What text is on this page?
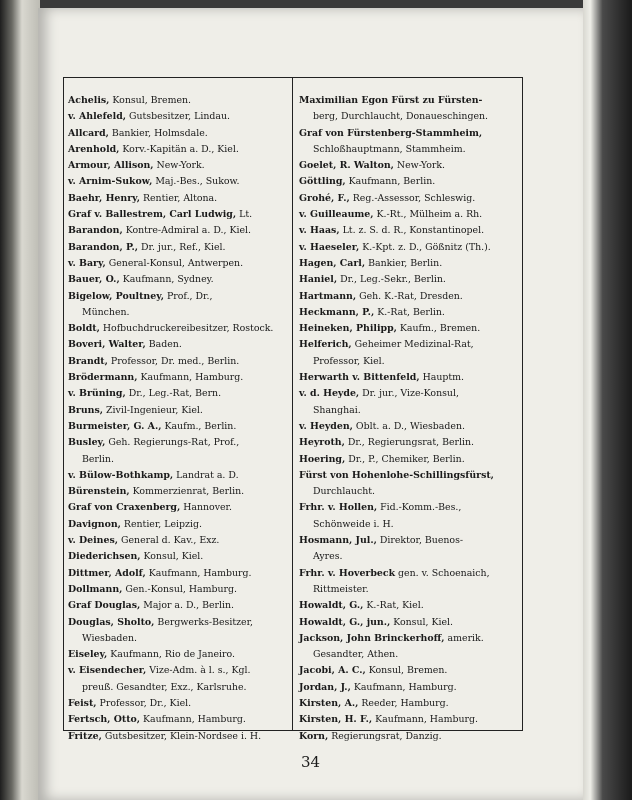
Achelis, Konsul, Bremen.
v. Ahlefeld, Gutsbesitzer, Lindau.
Allcard, Bankier, Holmsdale.
Arenhold, Korv.-Kapitän a. D., Kiel.
Armour, Allison, New-York.
v. Arnim-Sukow, Maj.-Bes., Sukow.
Baehr, Henry, Rentier, Altona.
Graf v. Ballestrem, Carl Ludwig, Lt.
Barandon, Kontre-Admiral a. D., Kiel.
Barandon, P., Dr. jur., Ref., Kiel.
v. Bary, General-Konsul, Antwerpen.
Bauer, O., Kaufmann, Sydney.
Bigelow, Poultney, Prof., Dr.,
München.
Boldt, Hofbuchdruckereibesitzer, Rostock.
Boveri, Walter, Baden.
Brandt, Professor, Dr. med., Berlin.
Brödermann, Kaufmann, Hamburg.
v. Brüning, Dr., Leg.-Rat, Bern.
Bruns, Zivil-Ingenieur, Kiel.
Burmeister, G. A., Kaufm., Berlin.
Busley, Geh. Regierungs-Rat, Prof.,
Berlin.
v. Bülow-Bothkamp, Landrat a. D.
Bürenstein, Kommerzienrat, Berlin.
Graf von Craxenberg, Hannover.
Davignon, Rentier, Leipzig.
v. Deines, General d. Kav., Exz.
Diederichsen, Konsul, Kiel.
Dittmer, Adolf, Kaufmann, Hamburg.
Dollmann, Gen.-Konsul, Hamburg.
Graf Douglas, Major a. D., Berlin.
Douglas, Sholto, Bergwerks-Besitzer,
Wiesbaden.
Eiseley, Kaufmann, Rio de Janeiro.
v. Eisendecher, Vize-Adm. à l. s., Kgl.
preuß. Gesandter, Exz., Karlsruhe.
Feist, Professor, Dr., Kiel.
Fertsch, Otto, Kaufmann, Hamburg.
Fritze, Gutsbesitzer, Klein-Nordsee i. H.
Maximilian Egon Fürst zu Fürsten-
berg, Durchlaucht, Donaueschingen.
Graf von Fürstenberg-Stammheim,
Schloßhauptmann, Stammheim.
Goelet, R. Walton, New-York.
Göttling, Kaufmann, Berlin.
Grohé, F., Reg.-Assessor, Schleswig.
v. Guilleaume, K.-Rt., Mülheim a. Rh.
v. Haas, Lt. z. S. d. R., Konstantinopel.
v. Haeseler, K.-Kpt. z. D., Gößnitz (Th.).
Hagen, Carl, Bankier, Berlin.
Haniel, Dr., Leg.-Sekr., Berlin.
Hartmann, Geh. K.-Rat, Dresden.
Heckmann, P., K.-Rat, Berlin.
Heineken, Philipp, Kaufm., Bremen.
Helferich, Geheimer Medizinal-Rat,
Professor, Kiel.
Herwarth v. Bittenfeld, Hauptm.
v. d. Heyde, Dr. jur., Vize-Konsul,
Shanghai.
v. Heyden, Oblt. a. D., Wiesbaden.
Heyroth, Dr., Regierungsrat, Berlin.
Hoering, Dr., P., Chemiker, Berlin.
Fürst von Hohenlohe-Schillingsfürst,
Durchlaucht.
Frhr. v. Hollen, Fid.-Komm.-Bes.,
Schönweide i. H.
Hosmann, Jul., Direktor, Buenos-
Ayres.
Frhr. v. Hoverbeck gen. v. Schoenaich,
Rittmeister.
Howaldt, G., K.-Rat, Kiel.
Howaldt, G., jun., Konsul, Kiel.
Jackson, John Brinckerhoff, amerik.
Gesandter, Athen.
Jacobi, A. C., Konsul, Bremen.
Jordan, J., Kaufmann, Hamburg.
Kirsten, A., Reeder, Hamburg.
Kirsten, H. F., Kaufmann, Hamburg.
Korn, Regierungsrat, Danzig.
34
